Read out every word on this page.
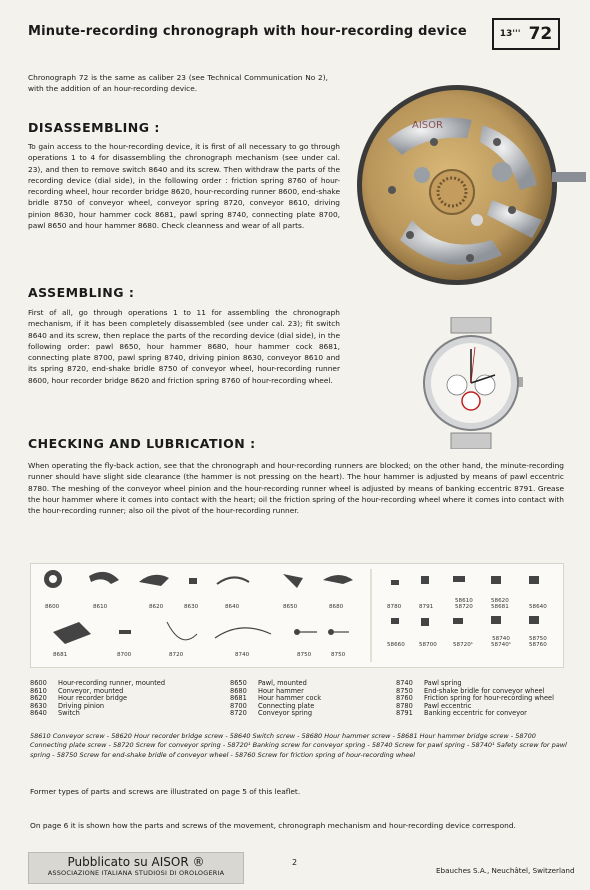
Minute-recording chronograph with hour-recording device	13''' 72
Chronograph 72 is the same as caliber 23 (see Technical Communication No 2), with the addition of an hour-recording device.
AISOR
DISASSEMBLING :
To gain access to the hour-recording device, it is first of all necessary to go through operations 1 to 4 for disassembling the chronograph mechanism (see under cal. 23), and then to remove switch 8640 and its screw. Then withdraw the parts of the recording device (dial side), in the following order : friction spring 8760 of hour-recording wheel, hour recorder bridge 8620, hour-recording runner 8600, end-shake bridle 8750 of conveyor wheel, conveyor spring 8720, conveyor 8610, driving pinion 8630, hour hammer cock 8681, pawl spring 8740, connecting plate 8700, pawl 8650 and hour hammer 8680. Check cleanness and wear of all parts.
ASSEMBLING :
First of all, go through operations 1 to 11 for assembling the chronograph mechanism, if it has been completely disassembled (see under cal. 23); fit switch 8640 and its screw, then replace the parts of the recording device (dial side), in the following order: pawl 8650, hour hammer 8680, hour hammer cock 8681, connecting plate 8700, pawl spring 8740, driving pinion 8630, conveyor 8610 and its spring 8720, end-shake bridle 8750 of conveyor wheel, hour-recording runner 8600, hour recorder bridge 8620 and friction spring 8760 of hour-recording wheel.
CHECKING AND LUBRICATION :
When operating the fly-back action, see that the chronograph and hour-recording runners are blocked; on the other hand, the minute-recording runner should have slight side clearance (the hammer is not pressing on the heart). The hour hammer is adjusted by means of pawl eccentric 8780. The meshing of the conveyor wheel pinion and the hour-recording runner wheel is adjusted by means of banking eccentric 8791. Grease the hour hammer where it comes into contact with the heart; oil the friction spring of the hour-recording wheel where it comes into contact with the hour-recording runner; also oil the pivot of the hour-recording runner.
8600	8610	8620	8630	8640	8650	8680
8681	8700	8720	8740	8750	8750
8780	8791
58610
58720
58620
58681	58640
58660	58700	58720¹
58740
58740¹
58750
58760
8600	Hour-recording runner, mounted
8610	Conveyor, mounted
8620	Hour recorder bridge
8630	Driving pinion
8640	Switch
8650	Pawl, mounted
8680	Hour hammer
8681	Hour hammer cock
8700	Connecting plate
8720	Conveyor spring
8740	Pawl spring
8750	End-shake bridle for conveyor wheel
8760	Friction spring for hour-recording wheel
8780	Pawl eccentric
8791	Banking eccentric for conveyor
58610 Conveyor screw - 58620 Hour recorder bridge screw - 58640 Switch screw - 58680 Hour hammer screw - 58681 Hour hammer bridge screw - 58700 Connecting plate screw - 58720 Screw for conveyor spring - 58720¹ Banking screw for conveyor spring - 58740 Screw for pawl spring - 58740¹ Safety screw for pawl spring - 58750 Screw for end-shake bridle of conveyor wheel - 58760 Screw for friction spring of hour-recording wheel
Former types of parts and screws are illustrated on page 5 of this leaflet.
On page 6 it is shown how the parts and screws of the movement, chronograph mechanism and hour-recording device correspond.
Pubblicato su AISOR ®
ASSOCIAZIONE ITALIANA STUDIOSI DI OROLOGERIA
2
Ebauches S.A., Neuchâtel, Switzerland
